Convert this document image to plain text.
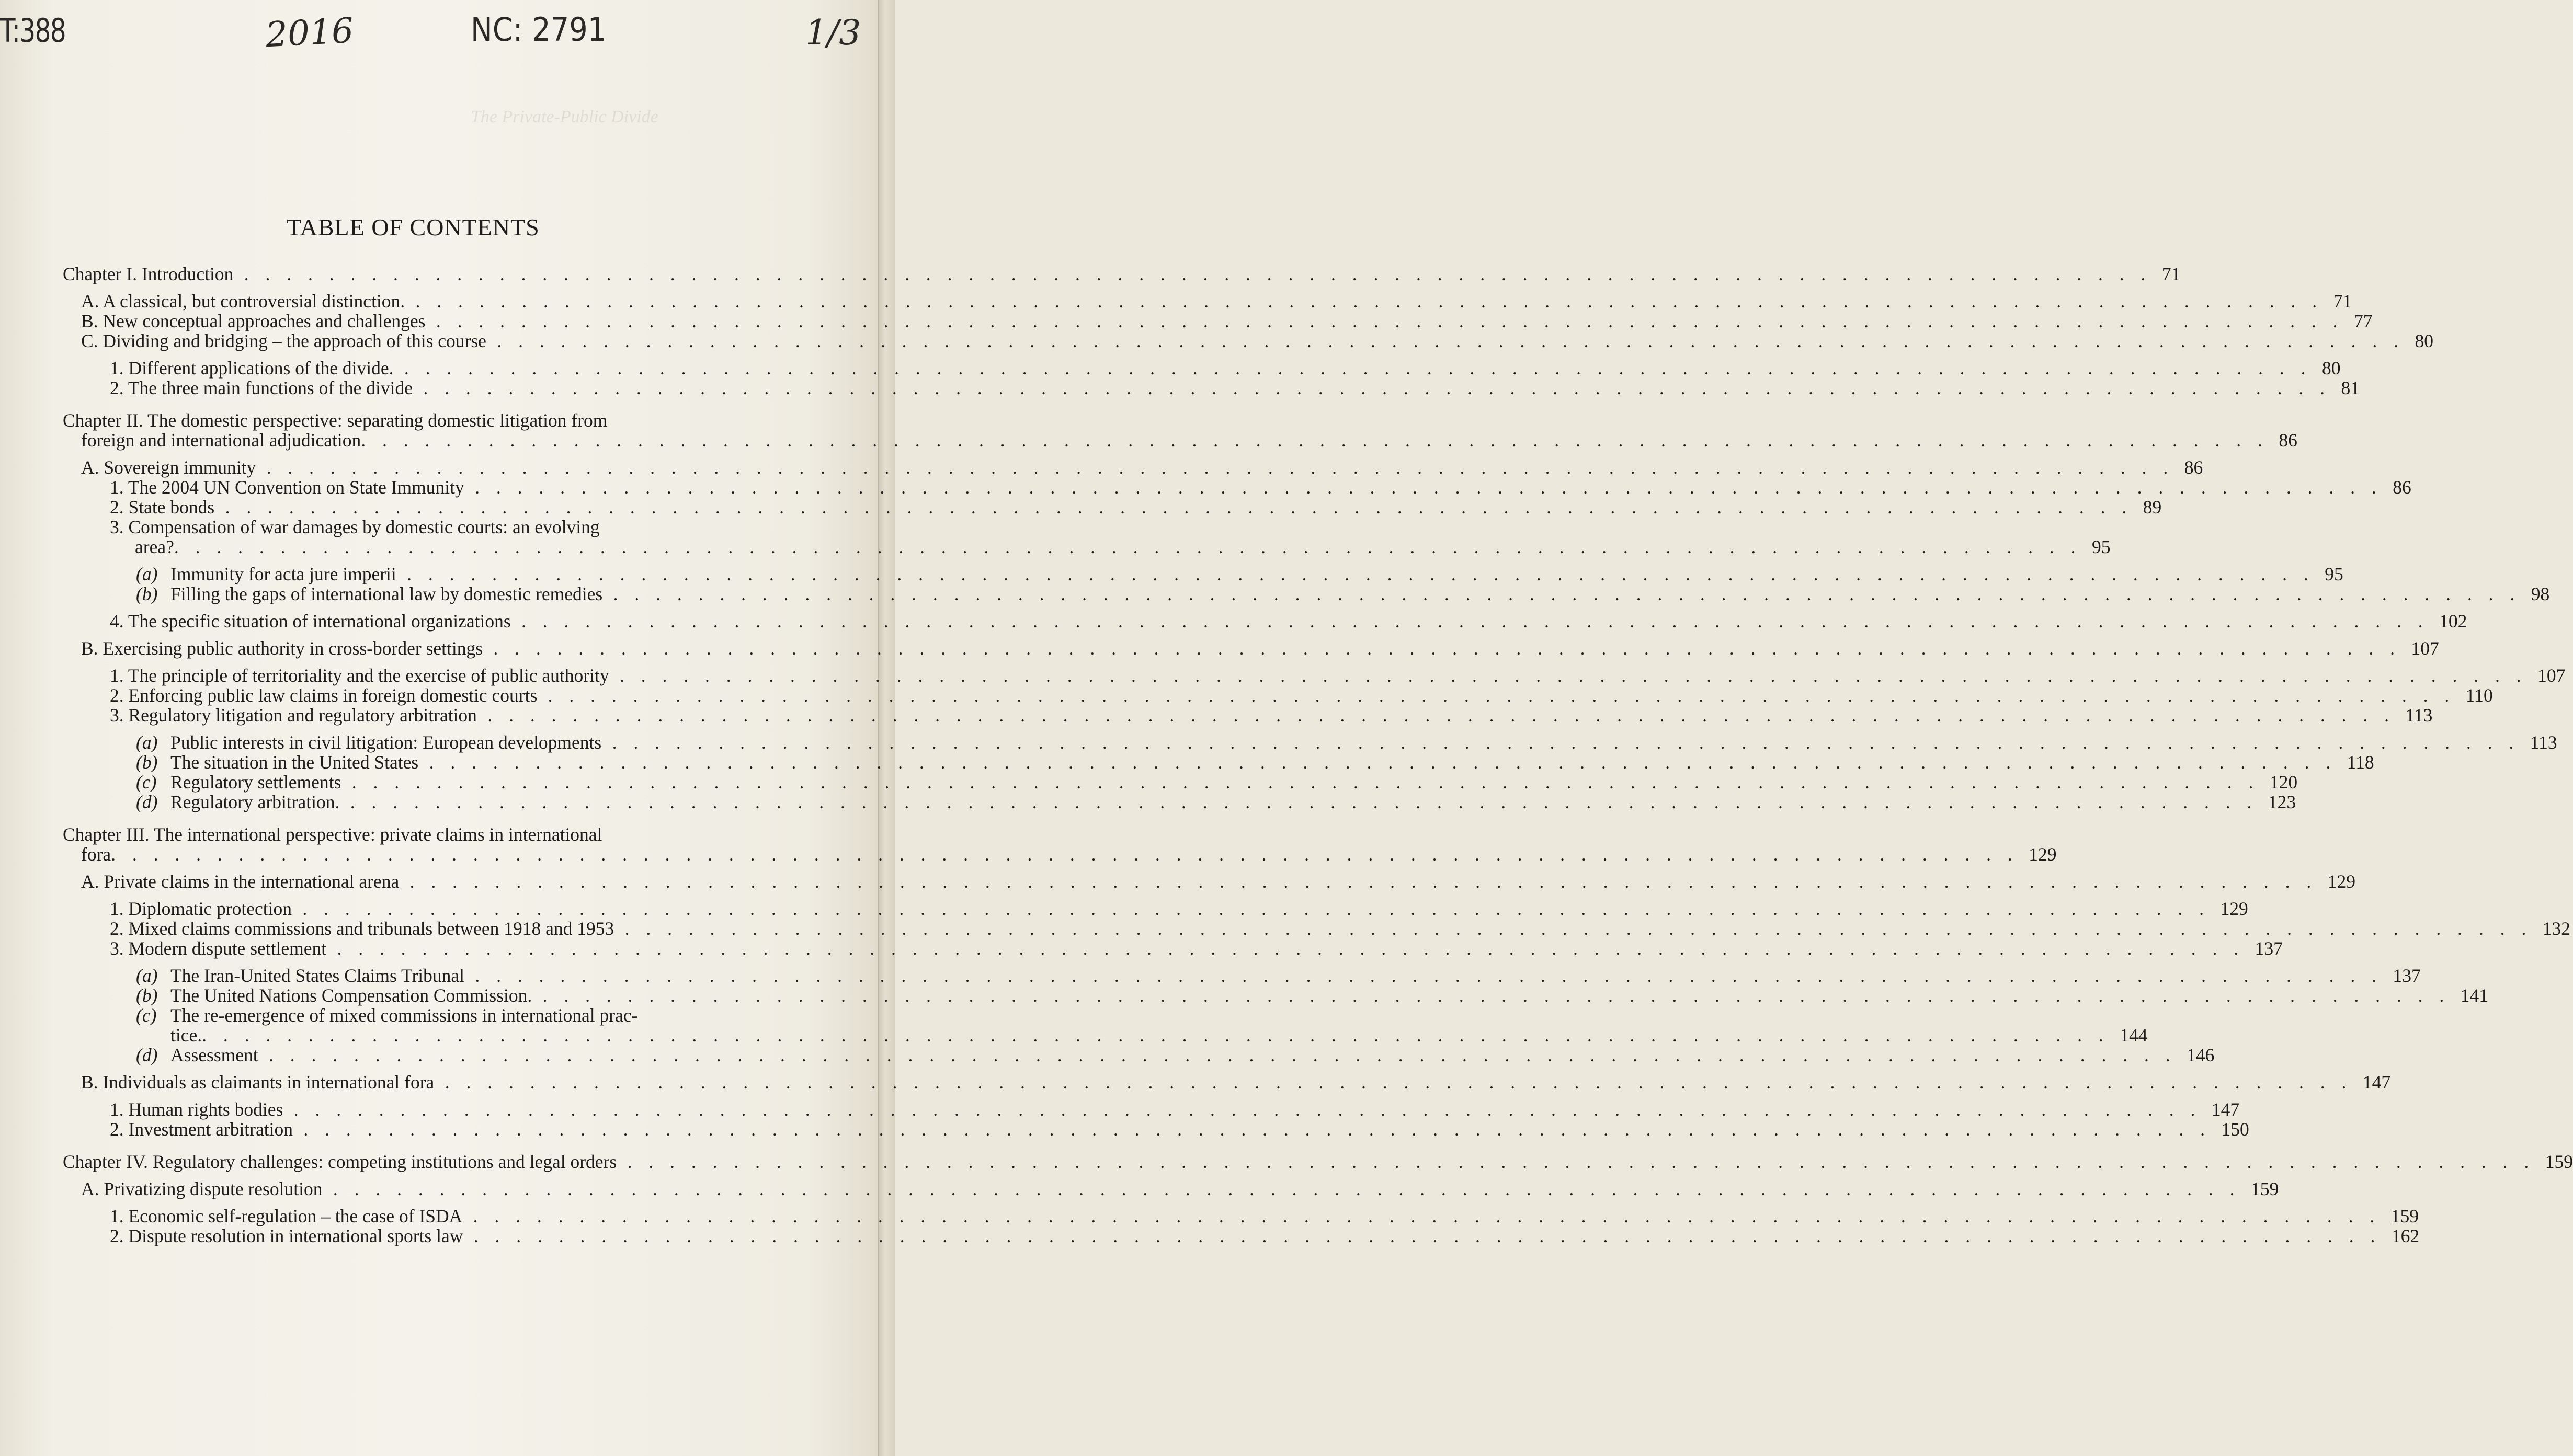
The Private-Public Divide
T:388	2016	NC: 2791	1/3
TABLE OF CONTENTS
Chapter I. Introduction . . . . . . . . . . . . . . . . . . . . . . . . . . . . . . . . . . . . . . . . . . . . . . . . . . . . . . . . . . . . . . . . . . . . . . . . . . . . . . . . . . . . . . . . . . 71
A. A classical, but controversial distinction. . . . . . . . . . . . . . . . . . . . . . . . . . . . . . . . . . . . . . . . . . . . . . . . . . . . . . . . . . . . . . . . . . . . . . . . . . . . . . . . . . . . . . . . . . . 71
B. New conceptual approaches and challenges . . . . . . . . . . . . . . . . . . . . . . . . . . . . . . . . . . . . . . . . . . . . . . . . . . . . . . . . . . . . . . . . . . . . . . . . . . . . . . . . . . . . . . . . . . 77
C. Dividing and bridging – the approach of this course . . . . . . . . . . . . . . . . . . . . . . . . . . . . . . . . . . . . . . . . . . . . . . . . . . . . . . . . . . . . . . . . . . . . . . . . . . . . . . . . . . . . . . . . . . 80
1. Different applications of the divide. . . . . . . . . . . . . . . . . . . . . . . . . . . . . . . . . . . . . . . . . . . . . . . . . . . . . . . . . . . . . . . . . . . . . . . . . . . . . . . . . . . . . . . . . . . 80
2. The three main functions of the divide . . . . . . . . . . . . . . . . . . . . . . . . . . . . . . . . . . . . . . . . . . . . . . . . . . . . . . . . . . . . . . . . . . . . . . . . . . . . . . . . . . . . . . . . . . 81
Chapter II. The domestic perspective: separating domestic litigation from
foreign and international adjudication . . . . . . . . . . . . . . . . . . . . . . . . . . . . . . . . . . . . . . . . . . . . . . . . . . . . . . . . . . . . . . . . . . . . . . . . . . . . . . . . . . . . . . . . . . 86
A. Sovereign immunity . . . . . . . . . . . . . . . . . . . . . . . . . . . . . . . . . . . . . . . . . . . . . . . . . . . . . . . . . . . . . . . . . . . . . . . . . . . . . . . . . . . . . . . . . . 86
1. The 2004 UN Convention on State Immunity . . . . . . . . . . . . . . . . . . . . . . . . . . . . . . . . . . . . . . . . . . . . . . . . . . . . . . . . . . . . . . . . . . . . . . . . . . . . . . . . . . . . . . . . . . 86
2. State bonds . . . . . . . . . . . . . . . . . . . . . . . . . . . . . . . . . . . . . . . . . . . . . . . . . . . . . . . . . . . . . . . . . . . . . . . . . . . . . . . . . . . . . . . . . . 89
3. Compensation of war damages by domestic courts: an evolving
area? . . . . . . . . . . . . . . . . . . . . . . . . . . . . . . . . . . . . . . . . . . . . . . . . . . . . . . . . . . . . . . . . . . . . . . . . . . . . . . . . . . . . . . . . . . 95
(a) Immunity for acta jure imperii . . . . . . . . . . . . . . . . . . . . . . . . . . . . . . . . . . . . . . . . . . . . . . . . . . . . . . . . . . . . . . . . . . . . . . . . . . . . . . . . . . . . . . . . . . 95
(b) Filling the gaps of international law by domestic remedies . . . . . . . . . . . . . . . . . . . . . . . . . . . . . . . . . . . . . . . . . . . . . . . . . . . . . . . . . . . . . . . . . . . . . . . . . . . . . . . . . . . . . . . . . . 98
4. The specific situation of international organizations . . . . . . . . . . . . . . . . . . . . . . . . . . . . . . . . . . . . . . . . . . . . . . . . . . . . . . . . . . . . . . . . . . . . . . . . . . . . . . . . . . . . . . . . . . 102
B. Exercising public authority in cross-border settings . . . . . . . . . . . . . . . . . . . . . . . . . . . . . . . . . . . . . . . . . . . . . . . . . . . . . . . . . . . . . . . . . . . . . . . . . . . . . . . . . . . . . . . . . . 107
1. The principle of territoriality and the exercise of public authority . . . . . . . . . . . . . . . . . . . . . . . . . . . . . . . . . . . . . . . . . . . . . . . . . . . . . . . . . . . . . . . . . . . . . . . . . . . . . . . . . . . . . . . . . . 107
2. Enforcing public law claims in foreign domestic courts . . . . . . . . . . . . . . . . . . . . . . . . . . . . . . . . . . . . . . . . . . . . . . . . . . . . . . . . . . . . . . . . . . . . . . . . . . . . . . . . . . . . . . . . . . 110
3. Regulatory litigation and regulatory arbitration . . . . . . . . . . . . . . . . . . . . . . . . . . . . . . . . . . . . . . . . . . . . . . . . . . . . . . . . . . . . . . . . . . . . . . . . . . . . . . . . . . . . . . . . . . 113
(a) Public interests in civil litigation: European developments . . . . . . . . . . . . . . . . . . . . . . . . . . . . . . . . . . . . . . . . . . . . . . . . . . . . . . . . . . . . . . . . . . . . . . . . . . . . . . . . . . . . . . . . . . 113
(b) The situation in the United States . . . . . . . . . . . . . . . . . . . . . . . . . . . . . . . . . . . . . . . . . . . . . . . . . . . . . . . . . . . . . . . . . . . . . . . . . . . . . . . . . . . . . . . . . . 118
(c) Regulatory settlements . . . . . . . . . . . . . . . . . . . . . . . . . . . . . . . . . . . . . . . . . . . . . . . . . . . . . . . . . . . . . . . . . . . . . . . . . . . . . . . . . . . . . . . . . . 120
(d) Regulatory arbitration. . . . . . . . . . . . . . . . . . . . . . . . . . . . . . . . . . . . . . . . . . . . . . . . . . . . . . . . . . . . . . . . . . . . . . . . . . . . . . . . . . . . . . . . . . . 123
Chapter III. The international perspective: private claims in international
fora . . . . . . . . . . . . . . . . . . . . . . . . . . . . . . . . . . . . . . . . . . . . . . . . . . . . . . . . . . . . . . . . . . . . . . . . . . . . . . . . . . . . . . . . . . 129
A. Private claims in the international arena . . . . . . . . . . . . . . . . . . . . . . . . . . . . . . . . . . . . . . . . . . . . . . . . . . . . . . . . . . . . . . . . . . . . . . . . . . . . . . . . . . . . . . . . . . 129
1. Diplomatic protection . . . . . . . . . . . . . . . . . . . . . . . . . . . . . . . . . . . . . . . . . . . . . . . . . . . . . . . . . . . . . . . . . . . . . . . . . . . . . . . . . . . . . . . . . . 129
2. Mixed claims commissions and tribunals between 1918 and 1953 . . . . . . . . . . . . . . . . . . . . . . . . . . . . . . . . . . . . . . . . . . . . . . . . . . . . . . . . . . . . . . . . . . . . . . . . . . . . . . . . . . . . . . . . . . 132
3. Modern dispute settlement . . . . . . . . . . . . . . . . . . . . . . . . . . . . . . . . . . . . . . . . . . . . . . . . . . . . . . . . . . . . . . . . . . . . . . . . . . . . . . . . . . . . . . . . . . 137
(a) The Iran-United States Claims Tribunal . . . . . . . . . . . . . . . . . . . . . . . . . . . . . . . . . . . . . . . . . . . . . . . . . . . . . . . . . . . . . . . . . . . . . . . . . . . . . . . . . . . . . . . . . . 137
(b) The United Nations Compensation Commission. . . . . . . . . . . . . . . . . . . . . . . . . . . . . . . . . . . . . . . . . . . . . . . . . . . . . . . . . . . . . . . . . . . . . . . . . . . . . . . . . . . . . . . . . . . 141
(c) The re-emergence of mixed commissions in international prac-
tice. . . . . . . . . . . . . . . . . . . . . . . . . . . . . . . . . . . . . . . . . . . . . . . . . . . . . . . . . . . . . . . . . . . . . . . . . . . . . . . . . . . . . . . . . . . 144
(d) Assessment . . . . . . . . . . . . . . . . . . . . . . . . . . . . . . . . . . . . . . . . . . . . . . . . . . . . . . . . . . . . . . . . . . . . . . . . . . . . . . . . . . . . . . . . . . 146
B. Individuals as claimants in international fora . . . . . . . . . . . . . . . . . . . . . . . . . . . . . . . . . . . . . . . . . . . . . . . . . . . . . . . . . . . . . . . . . . . . . . . . . . . . . . . . . . . . . . . . . . 147
1. Human rights bodies . . . . . . . . . . . . . . . . . . . . . . . . . . . . . . . . . . . . . . . . . . . . . . . . . . . . . . . . . . . . . . . . . . . . . . . . . . . . . . . . . . . . . . . . . . 147
2. Investment arbitration . . . . . . . . . . . . . . . . . . . . . . . . . . . . . . . . . . . . . . . . . . . . . . . . . . . . . . . . . . . . . . . . . . . . . . . . . . . . . . . . . . . . . . . . . . 150
Chapter IV. Regulatory challenges: competing institutions and legal orders . . . . . . . . . . . . . . . . . . . . . . . . . . . . . . . . . . . . . . . . . . . . . . . . . . . . . . . . . . . . . . . . . . . . . . . . . . . . . . . . . . . . . . . . . . 159
A. Privatizing dispute resolution . . . . . . . . . . . . . . . . . . . . . . . . . . . . . . . . . . . . . . . . . . . . . . . . . . . . . . . . . . . . . . . . . . . . . . . . . . . . . . . . . . . . . . . . . . 159
1. Economic self-regulation – the case of ISDA . . . . . . . . . . . . . . . . . . . . . . . . . . . . . . . . . . . . . . . . . . . . . . . . . . . . . . . . . . . . . . . . . . . . . . . . . . . . . . . . . . . . . . . . . . 159
2. Dispute resolution in international sports law . . . . . . . . . . . . . . . . . . . . . . . . . . . . . . . . . . . . . . . . . . . . . . . . . . . . . . . . . . . . . . . . . . . . . . . . . . . . . . . . . . . . . . . . . . 162
